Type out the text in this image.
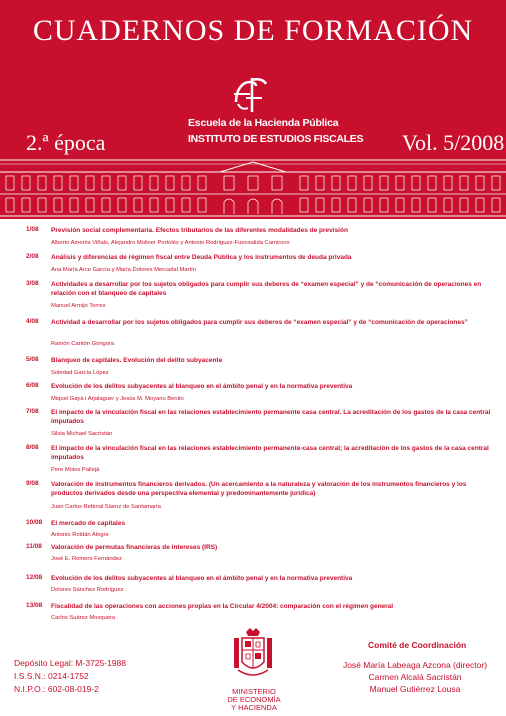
CUADERNOS DE FORMACIÓN
Escuela de la Hacienda Pública
INSTITUTO DE ESTUDIOS FISCALES
2.ª época	Vol. 5/2008
1/08 Previsión social complementaria. Efectos tributarios de las diferentes modalidades de previsión
Alberto Amorós Viñals, Alejandro Moliner Portolés y Antonio Rodríguez-Fuensalida Carnicero
2/08 Análisis y diferencias de régimen fiscal entre Deuda Pública y los instrumentos de deuda privada
Ana María Arce García y María Dolores Mercadal Martín
3/08 Actividades a desarrollar por los sujetos obligados para cumplir sus deberes de “examen especial” y de “comunicación de operaciones en relación con el blanqueo de capitales
Manuel Armijo Torres
4/08 Actividad a desarrollar por los sujetos obligados para cumplir sus deberes de “examen especial” y de “comunicación de operaciones”
Ramón Cantón Góngora
5/08 Blanqueo de capitales. Evolución del delito subyacente
Soledad García López
6/08 Evolución de los delitos subyacentes al blanqueo en el ámbito penal y en la normativa preventiva
Miquel Gayà i Arjalaguer y Jesús M. Moyano Benito
7/08 El impacto de la vinculación fiscal en las relaciones establecimiento permanente casa central. La acreditación de los gastos de la casa central imputados
Silvia Michael Sacristán
8/08 El impacto de la vinculación fiscal en las relaciones establecimiento permanente-casa central; la acreditación de los gastos de la casa central imputados
Pere Moles Pallejà
9/08 Valoración de instrumentos financieros derivados. (Un acercamiento a la naturaleza y valoración de los instrumentos financieros y los productos derivados desde una perspectiva elemental y predominantemente jurídica)
Juan Carlos Rebinal Sáenz de Santamaría
10/08 El mercado de capitales
Antonio Roldán Alegre
11/08 Valoración de permutas financieras de intereses (IRS)
José E. Romero Fernández
12/08 Evolución de los delitos subyacentes al blanqueo en el ámbito penal y en la normativa preventiva
Dolores Sánchez Rodríguez
13/08 Fiscalidad de las operaciones con acciones propias en la Circular 4/2004: comparación con el régimen general
Carlos Suárez Mosquera
Depósito Legal: M-3725-1988
I.S.S.N.: 0214-1752
N.I.P.O.: 602-08-019-2	MINISTERIO
DE ECONOMÍA
Y HACIENDA
Comité de Coordinación
José María Labeaga Azcona (director)
Carmen Alcalá Sacristán
Manuel Gutiérrez Lousa
